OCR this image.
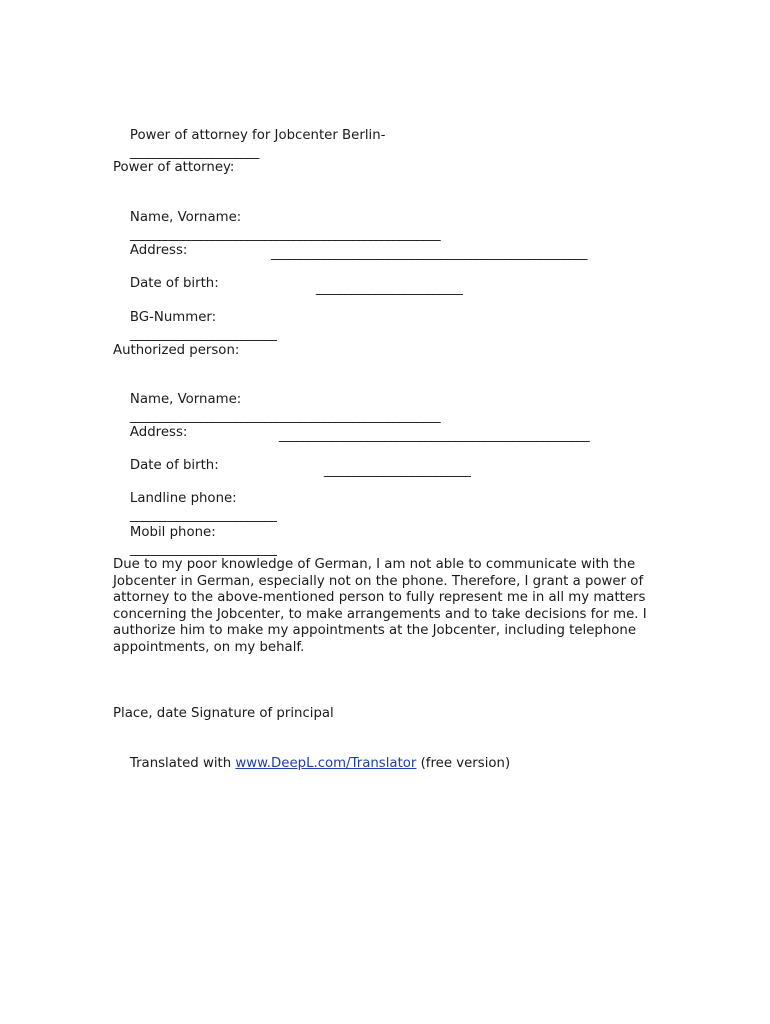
Power of attorney for Jobcenter Berlin-
______________________

Power of attorney:

Name, Vorname:
_____________________________________________________

Address:
	______________________________________________________

Date of birth:
	_________________________

BG-Nummer:
_________________________

Authorized person:

Name, Vorname:
_____________________________________________________

Address:
	_____________________________________________________

Date of birth:
	_________________________

Landline phone:
_________________________

Mobil phone:
_________________________

Due to my poor knowledge of German, I am not able to communicate with the Jobcenter in German, especially not on the phone. Therefore, I grant a power of attorney to the above-mentioned person to fully represent me in all my matters concerning the Jobcenter, to make arrangements and to take decisions for me. I authorize him to make my appointments at the Jobcenter, including telephone appointments, on my behalf.
Place, date Signature of principal

Translated with www.DeepL.com/Translator (free version)
